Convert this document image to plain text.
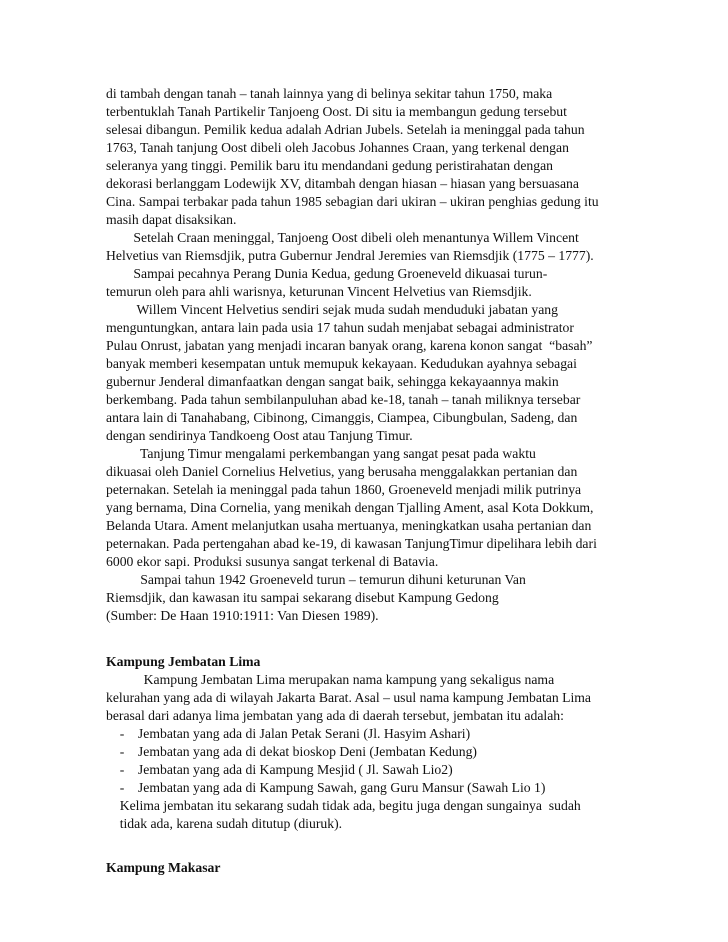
di tambah dengan tanah – tanah lainnya yang di belinya sekitar tahun 1750, maka
terbentuklah Tanah Partikelir Tanjoeng Oost. Di situ ia membangun gedung tersebut
selesai dibangun. Pemilik kedua adalah Adrian Jubels. Setelah ia meninggal pada tahun
1763, Tanah tanjung Oost dibeli oleh Jacobus Johannes Craan, yang terkenal dengan
seleranya yang tinggi. Pemilik baru itu mendandani gedung peristirahatan dengan
dekorasi berlanggam Lodewijk XV, ditambah dengan hiasan – hiasan yang bersuasana
Cina. Sampai terbakar pada tahun 1985 sebagian dari ukiran – ukiran penghias gedung itu
masih dapat disaksikan.
Setelah Craan meninggal, Tanjoeng Oost dibeli oleh menantunya Willem Vincent
Helvetius van Riemsdjik, putra Gubernur Jendral Jeremies van Riemsdjik (1775 – 1777).
Sampai pecahnya Perang Dunia Kedua, gedung Groeneveld dikuasai turun-
temurun oleh para ahli warisnya, keturunan Vincent Helvetius van Riemsdjik.
Willem Vincent Helvetius sendiri sejak muda sudah menduduki jabatan yang
menguntungkan, antara lain pada usia 17 tahun sudah menjabat sebagai administrator
Pulau Onrust, jabatan yang menjadi incaran banyak orang, karena konon sangat  “basah”
banyak memberi kesempatan untuk memupuk kekayaan. Kedudukan ayahnya sebagai
gubernur Jenderal dimanfaatkan dengan sangat baik, sehingga kekayaannya makin
berkembang. Pada tahun sembilanpuluhan abad ke-18, tanah – tanah miliknya tersebar
antara lain di Tanahabang, Cibinong, Cimanggis, Ciampea, Cibungbulan, Sadeng, dan
dengan sendirinya Tandkoeng Oost atau Tanjung Timur.
Tanjung Timur mengalami perkembangan yang sangat pesat pada waktu
dikuasai oleh Daniel Cornelius Helvetius, yang berusaha menggalakkan pertanian dan
peternakan. Setelah ia meninggal pada tahun 1860, Groeneveld menjadi milik putrinya
yang bernama, Dina Cornelia, yang menikah dengan Tjalling Ament, asal Kota Dokkum,
Belanda Utara. Ament melanjutkan usaha mertuanya, meningkatkan usaha pertanian dan
peternakan. Pada pertengahan abad ke-19, di kawasan TanjungTimur dipelihara lebih dari
6000 ekor sapi. Produksi susunya sangat terkenal di Batavia.
Sampai tahun 1942 Groeneveld turun – temurun dihuni keturunan Van
Riemsdjik, dan kawasan itu sampai sekarang disebut Kampung Gedong
(Sumber: De Haan 1910:1911: Van Diesen 1989).
Kampung Jembatan Lima
Kampung Jembatan Lima merupakan nama kampung yang sekaligus nama
kelurahan yang ada di wilayah Jakarta Barat. Asal – usul nama kampung Jembatan Lima
berasal dari adanya lima jembatan yang ada di daerah tersebut, jembatan itu adalah:
-    Jembatan yang ada di Jalan Petak Serani (Jl. Hasyim Ashari)
-    Jembatan yang ada di dekat bioskop Deni (Jembatan Kedung)
-    Jembatan yang ada di Kampung Mesjid ( Jl. Sawah Lio2)
-    Jembatan yang ada di Kampung Sawah, gang Guru Mansur (Sawah Lio 1)
Kelima jembatan itu sekarang sudah tidak ada, begitu juga dengan sungainya  sudah
tidak ada, karena sudah ditutup (diuruk).
Kampung Makasar
